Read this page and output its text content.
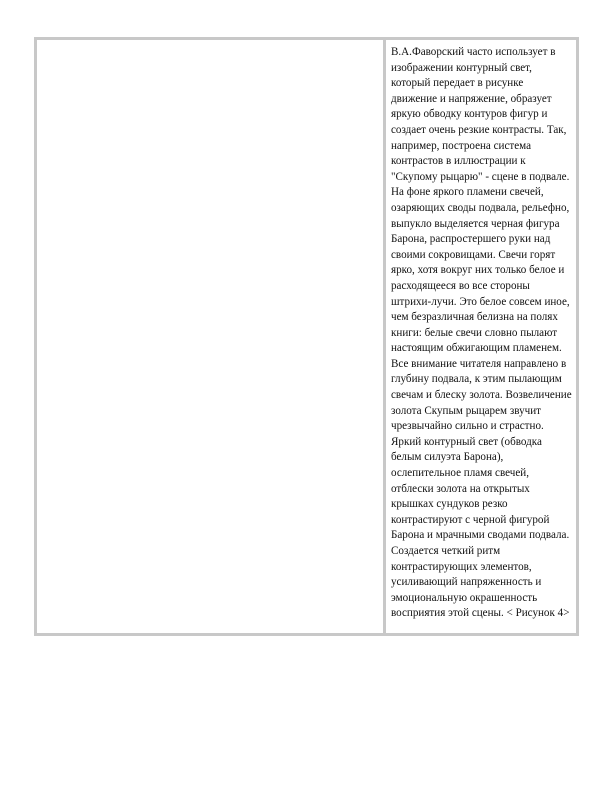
В.А.Фаворский часто использует в изображении контурный свет, который передает в рисунке движение и напряжение, образует яркую обводку контуров фигур и создает очень резкие контрасты. Так, например, построена система контрастов в иллюстрации к "Скупому рыцарю" - сцене в подвале. На фоне яркого пламени свечей, озаряющих своды подвала, рельефно, выпукло выделяется черная фигура Барона, распростершего руки над своими сокровищами. Свечи горят ярко, хотя вокруг них только белое и расходящееся во все стороны штрихи-лучи. Это белое совсем иное, чем безразличная белизна на полях книги: белые свечи словно пылают настоящим обжигающим пламенем. Все внимание читателя направлено в глубину подвала, к этим пылающим свечам и блеску золота. Возвеличение золота Скупым рыцарем звучит чрезвычайно сильно и страстно. Яркий контурный свет (обводка белым силуэта Барона), ослепительное пламя свечей, отблески золота на открытых крышках сундуков резко контрастируют с черной фигурой Барона и мрачными сводами подвала. Создается четкий ритм контрастирующих элементов, усиливающий напряженность и эмоциональную окрашенность восприятия этой сцены. < Рисунок 4>
